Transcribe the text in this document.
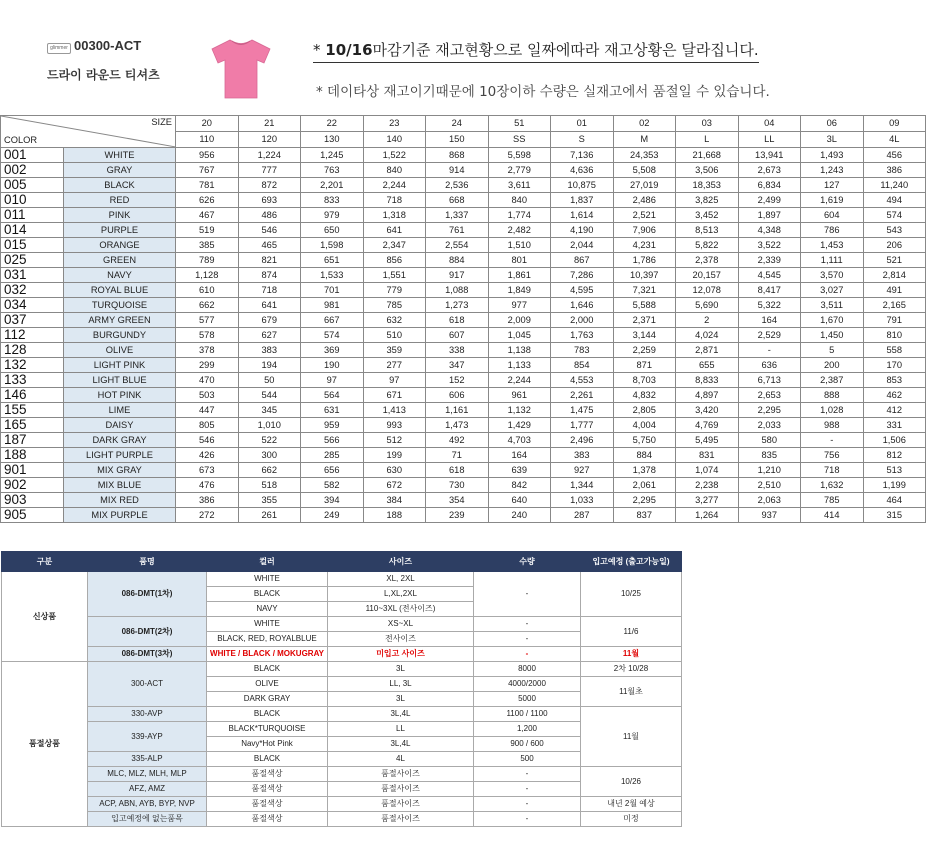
glimmer 00300-ACT
드라이 라운드 티셔츠
* 10/16마감기준 재고현황으로 일짜에따라 재고상황은 달라집니다.
* 데이타상 재고이기때문에 10장이하 수량은 실재고에서 품절일 수 있습니다.
SIZE
COLOR		20	21	22	23	24	51	01	02	03	04	06	09
		110	120	130	140	150	SS	S	M	L	LL	3L	4L
001	WHITE	956	1,224	1,245	1,522	868	5,598	7,136	24,353	21,668	13,941	1,493	456
002	GRAY	767	777	763	840	914	2,779	4,636	5,508	3,506	2,673	1,243	386
005	BLACK	781	872	2,201	2,244	2,536	3,611	10,875	27,019	18,353	6,834	127	11,240
010	RED	626	693	833	718	668	840	1,837	2,486	3,825	2,499	1,619	494
011	PINK	467	486	979	1,318	1,337	1,774	1,614	2,521	3,452	1,897	604	574
014	PURPLE	519	546	650	641	761	2,482	4,190	7,906	8,513	4,348	786	543
015	ORANGE	385	465	1,598	2,347	2,554	1,510	2,044	4,231	5,822	3,522	1,453	206
025	GREEN	789	821	651	856	884	801	867	1,786	2,378	2,339	1,111	521
031	NAVY	1,128	874	1,533	1,551	917	1,861	7,286	10,397	20,157	4,545	3,570	2,814
032	ROYAL BLUE	610	718	701	779	1,088	1,849	4,595	7,321	12,078	8,417	3,027	491
034	TURQUOISE	662	641	981	785	1,273	977	1,646	5,588	5,690	5,322	3,511	2,165
037	ARMY GREEN	577	679	667	632	618	2,009	2,000	2,371	2	164	1,670	791
112	BURGUNDY	578	627	574	510	607	1,045	1,763	3,144	4,024	2,529	1,450	810
128	OLIVE	378	383	369	359	338	1,138	783	2,259	2,871	-	5	558
132	LIGHT PINK	299	194	190	277	347	1,133	854	871	655	636	200	170
133	LIGHT BLUE	470	50	97	97	152	2,244	4,553	8,703	8,833	6,713	2,387	853
146	HOT PINK	503	544	564	671	606	961	2,261	4,832	4,897	2,653	888	462
155	LIME	447	345	631	1,413	1,161	1,132	1,475	2,805	3,420	2,295	1,028	412
165	DAISY	805	1,010	959	993	1,473	1,429	1,777	4,004	4,769	2,033	988	331
187	DARK GRAY	546	522	566	512	492	4,703	2,496	5,750	5,495	580	-	1,506
188	LIGHT PURPLE	426	300	285	199	71	164	383	884	831	835	756	812
901	MIX GRAY	673	662	656	630	618	639	927	1,378	1,074	1,210	718	513
902	MIX BLUE	476	518	582	672	730	842	1,344	2,061	2,238	2,510	1,632	1,199
903	MIX RED	386	355	394	384	354	640	1,033	2,295	3,277	2,063	785	464
905	MIX PURPLE	272	261	249	188	239	240	287	837	1,264	937	414	315
구분	품명	컬러	사이즈	수량	입고예정 (출고가능일)
신상품	086-DMT(1차)	WHITE	XL, 2XL	-	10/25
		BLACK	L,XL,2XL		
		NAVY	110~3XL (전사이즈)		
	086-DMT(2차)	WHITE	XS~XL	-	11/6
		BLACK, RED, ROYALBLUE	전사이즈	-	
	086-DMT(3차)	WHITE / BLACK / MOKUGRAY	미입고 사이즈	-	11월
품절상품	300-ACT	BLACK	3L	8000	2차 10/28
		OLIVE	LL, 3L	4000/2000	11월초
		DARK GRAY	3L	5000	
	330-AVP	BLACK	3L,4L	1100 / 1100	11월
	339-AYP	BLACK*TURQUOISE	LL	1,200	
		Navy*Hot Pink	3L,4L	900 / 600	
	335-ALP	BLACK	4L	500	
	MLC, MLZ, MLH, MLP	품절색상	품절사이즈	-	10/26
	AFZ, AMZ	품절색상	품절사이즈	-	
	ACP, ABN, AYB, BYP, NVP	품절색상	품절사이즈	-	내년 2월 예상
	입고예정에 없는품목	품절색상	품절사이즈	-	미정
